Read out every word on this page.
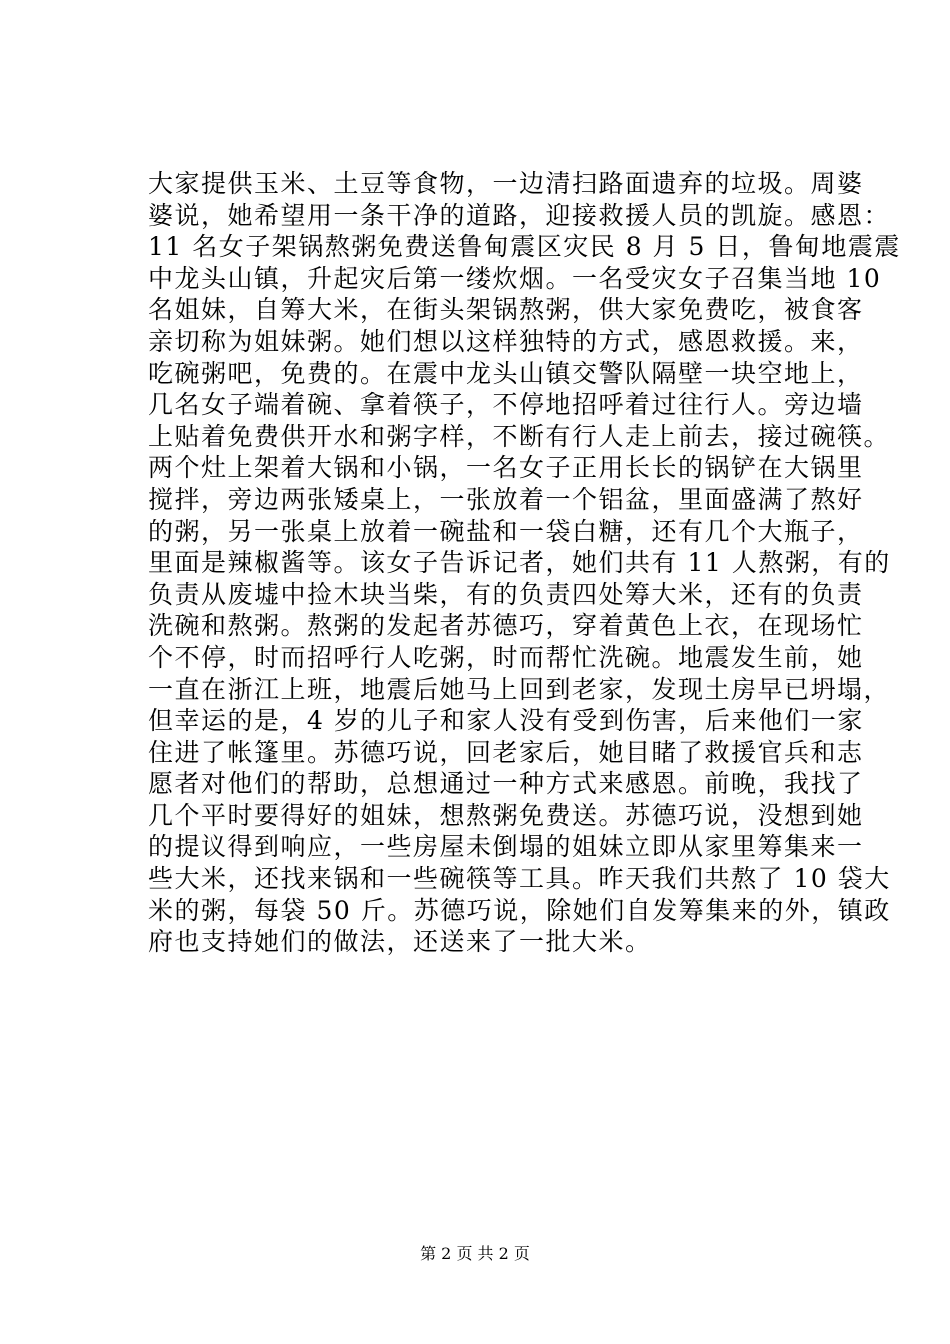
大家提供玉米、土豆等食物，一边清扫路面遗弃的垃圾。周婆
婆说，她希望用一条干净的道路，迎接救援人员的凯旋。感恩：
11 名女子架锅熬粥免费送鲁甸震区灾民 8 月 5 日，鲁甸地震震
中龙头山镇，升起灾后第一缕炊烟。一名受灾女子召集当地 10
名姐妹，自筹大米，在街头架锅熬粥，供大家免费吃，被食客
亲切称为姐妹粥。她们想以这样独特的方式，感恩救援。来，
吃碗粥吧，免费的。在震中龙头山镇交警队隔壁一块空地上，
几名女子端着碗、拿着筷子，不停地招呼着过往行人。旁边墙
上贴着免费供开水和粥字样，不断有行人走上前去，接过碗筷。
两个灶上架着大锅和小锅，一名女子正用长长的锅铲在大锅里
搅拌，旁边两张矮桌上，一张放着一个铝盆，里面盛满了熬好
的粥，另一张桌上放着一碗盐和一袋白糖，还有几个大瓶子，
里面是辣椒酱等。该女子告诉记者，她们共有 11 人熬粥，有的
负责从废墟中捡木块当柴，有的负责四处筹大米，还有的负责
洗碗和熬粥。熬粥的发起者苏德巧，穿着黄色上衣，在现场忙
个不停，时而招呼行人吃粥，时而帮忙洗碗。地震发生前，她
一直在浙江上班，地震后她马上回到老家，发现土房早已坍塌，
但幸运的是，4 岁的儿子和家人没有受到伤害，后来他们一家
住进了帐篷里。苏德巧说，回老家后，她目睹了救援官兵和志
愿者对他们的帮助，总想通过一种方式来感恩。前晚，我找了
几个平时要得好的姐妹，想熬粥免费送。苏德巧说，没想到她
的提议得到响应，一些房屋未倒塌的姐妹立即从家里筹集来一
些大米，还找来锅和一些碗筷等工具。昨天我们共熬了 10 袋大
米的粥，每袋 50 斤。苏德巧说，除她们自发筹集来的外，镇政
府也支持她们的做法，还送来了一批大米。
第 2 页 共 2 页
